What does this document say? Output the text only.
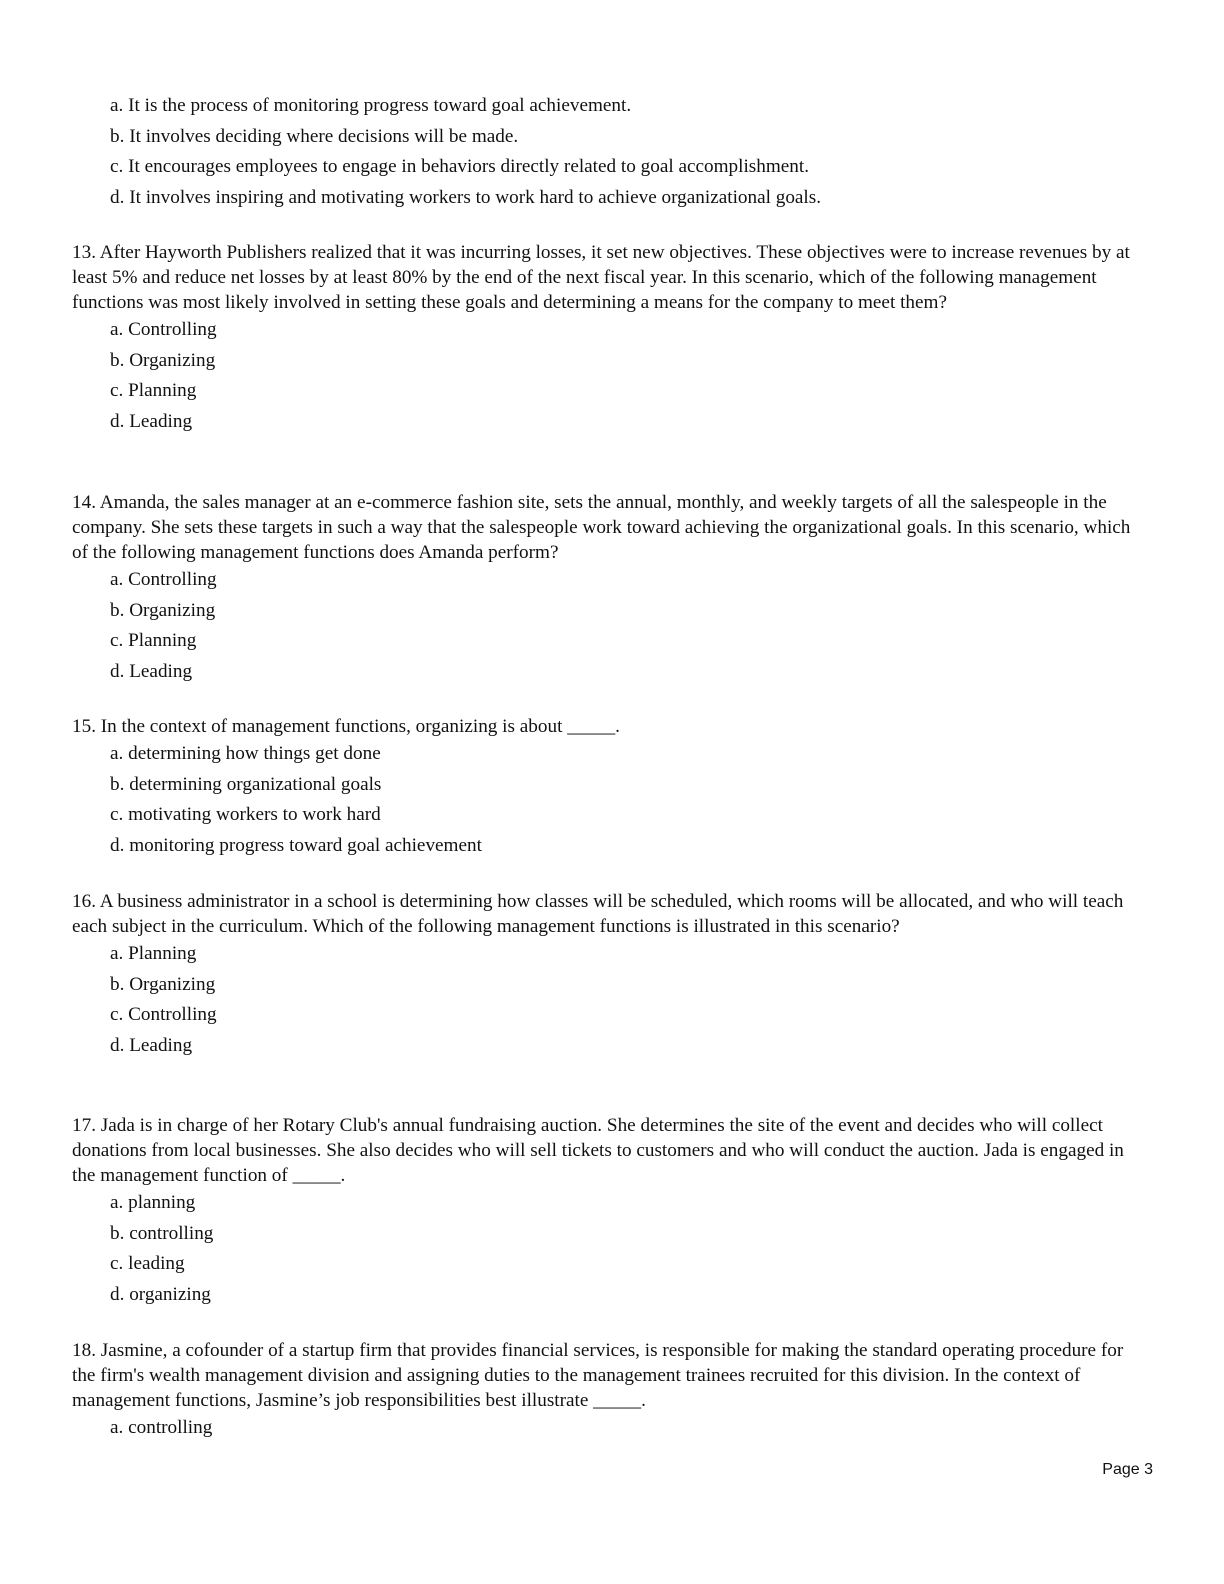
a. It is the process of monitoring progress toward goal achievement.
b. It involves deciding where decisions will be made.
c. It encourages employees to engage in behaviors directly related to goal accomplishment.
d. It involves inspiring and motivating workers to work hard to achieve organizational goals.

13. After Hayworth Publishers realized that it was incurring losses, it set new objectives. These objectives were to increase revenues by at least 5% and reduce net losses by at least 80% by the end of the next fiscal year. In this scenario, which of the following management functions was most likely involved in setting these goals and determining a means for the company to meet them?

a. Controlling
b. Organizing
c. Planning
d. Leading

14. Amanda, the sales manager at an e-commerce fashion site, sets the annual, monthly, and weekly targets of all the salespeople in the company. She sets these targets in such a way that the salespeople work toward achieving the organizational goals. In this scenario, which of the following management functions does Amanda perform?

a. Controlling
b. Organizing
c. Planning
d. Leading

15. In the context of management functions, organizing is about _____.

a. determining how things get done
b. determining organizational goals
c. motivating workers to work hard
d. monitoring progress toward goal achievement

16. A business administrator in a school is determining how classes will be scheduled, which rooms will be allocated, and who will teach each subject in the curriculum. Which of the following management functions is illustrated in this scenario?

a. Planning
b. Organizing
c. Controlling
d. Leading

17. Jada is in charge of her Rotary Club's annual fundraising auction. She determines the site of the event and decides who will collect donations from local businesses. She also decides who will sell tickets to customers and who will conduct the auction. Jada is engaged in the management function of _____.

a. planning
b. controlling
c. leading
d. organizing

18. Jasmine, a cofounder of a startup firm that provides financial services, is responsible for making the standard operating procedure for the firm's wealth management division and assigning duties to the management trainees recruited for this division. In the context of management functions, Jasmine’s job responsibilities best illustrate _____.

a. controlling
Page 3
